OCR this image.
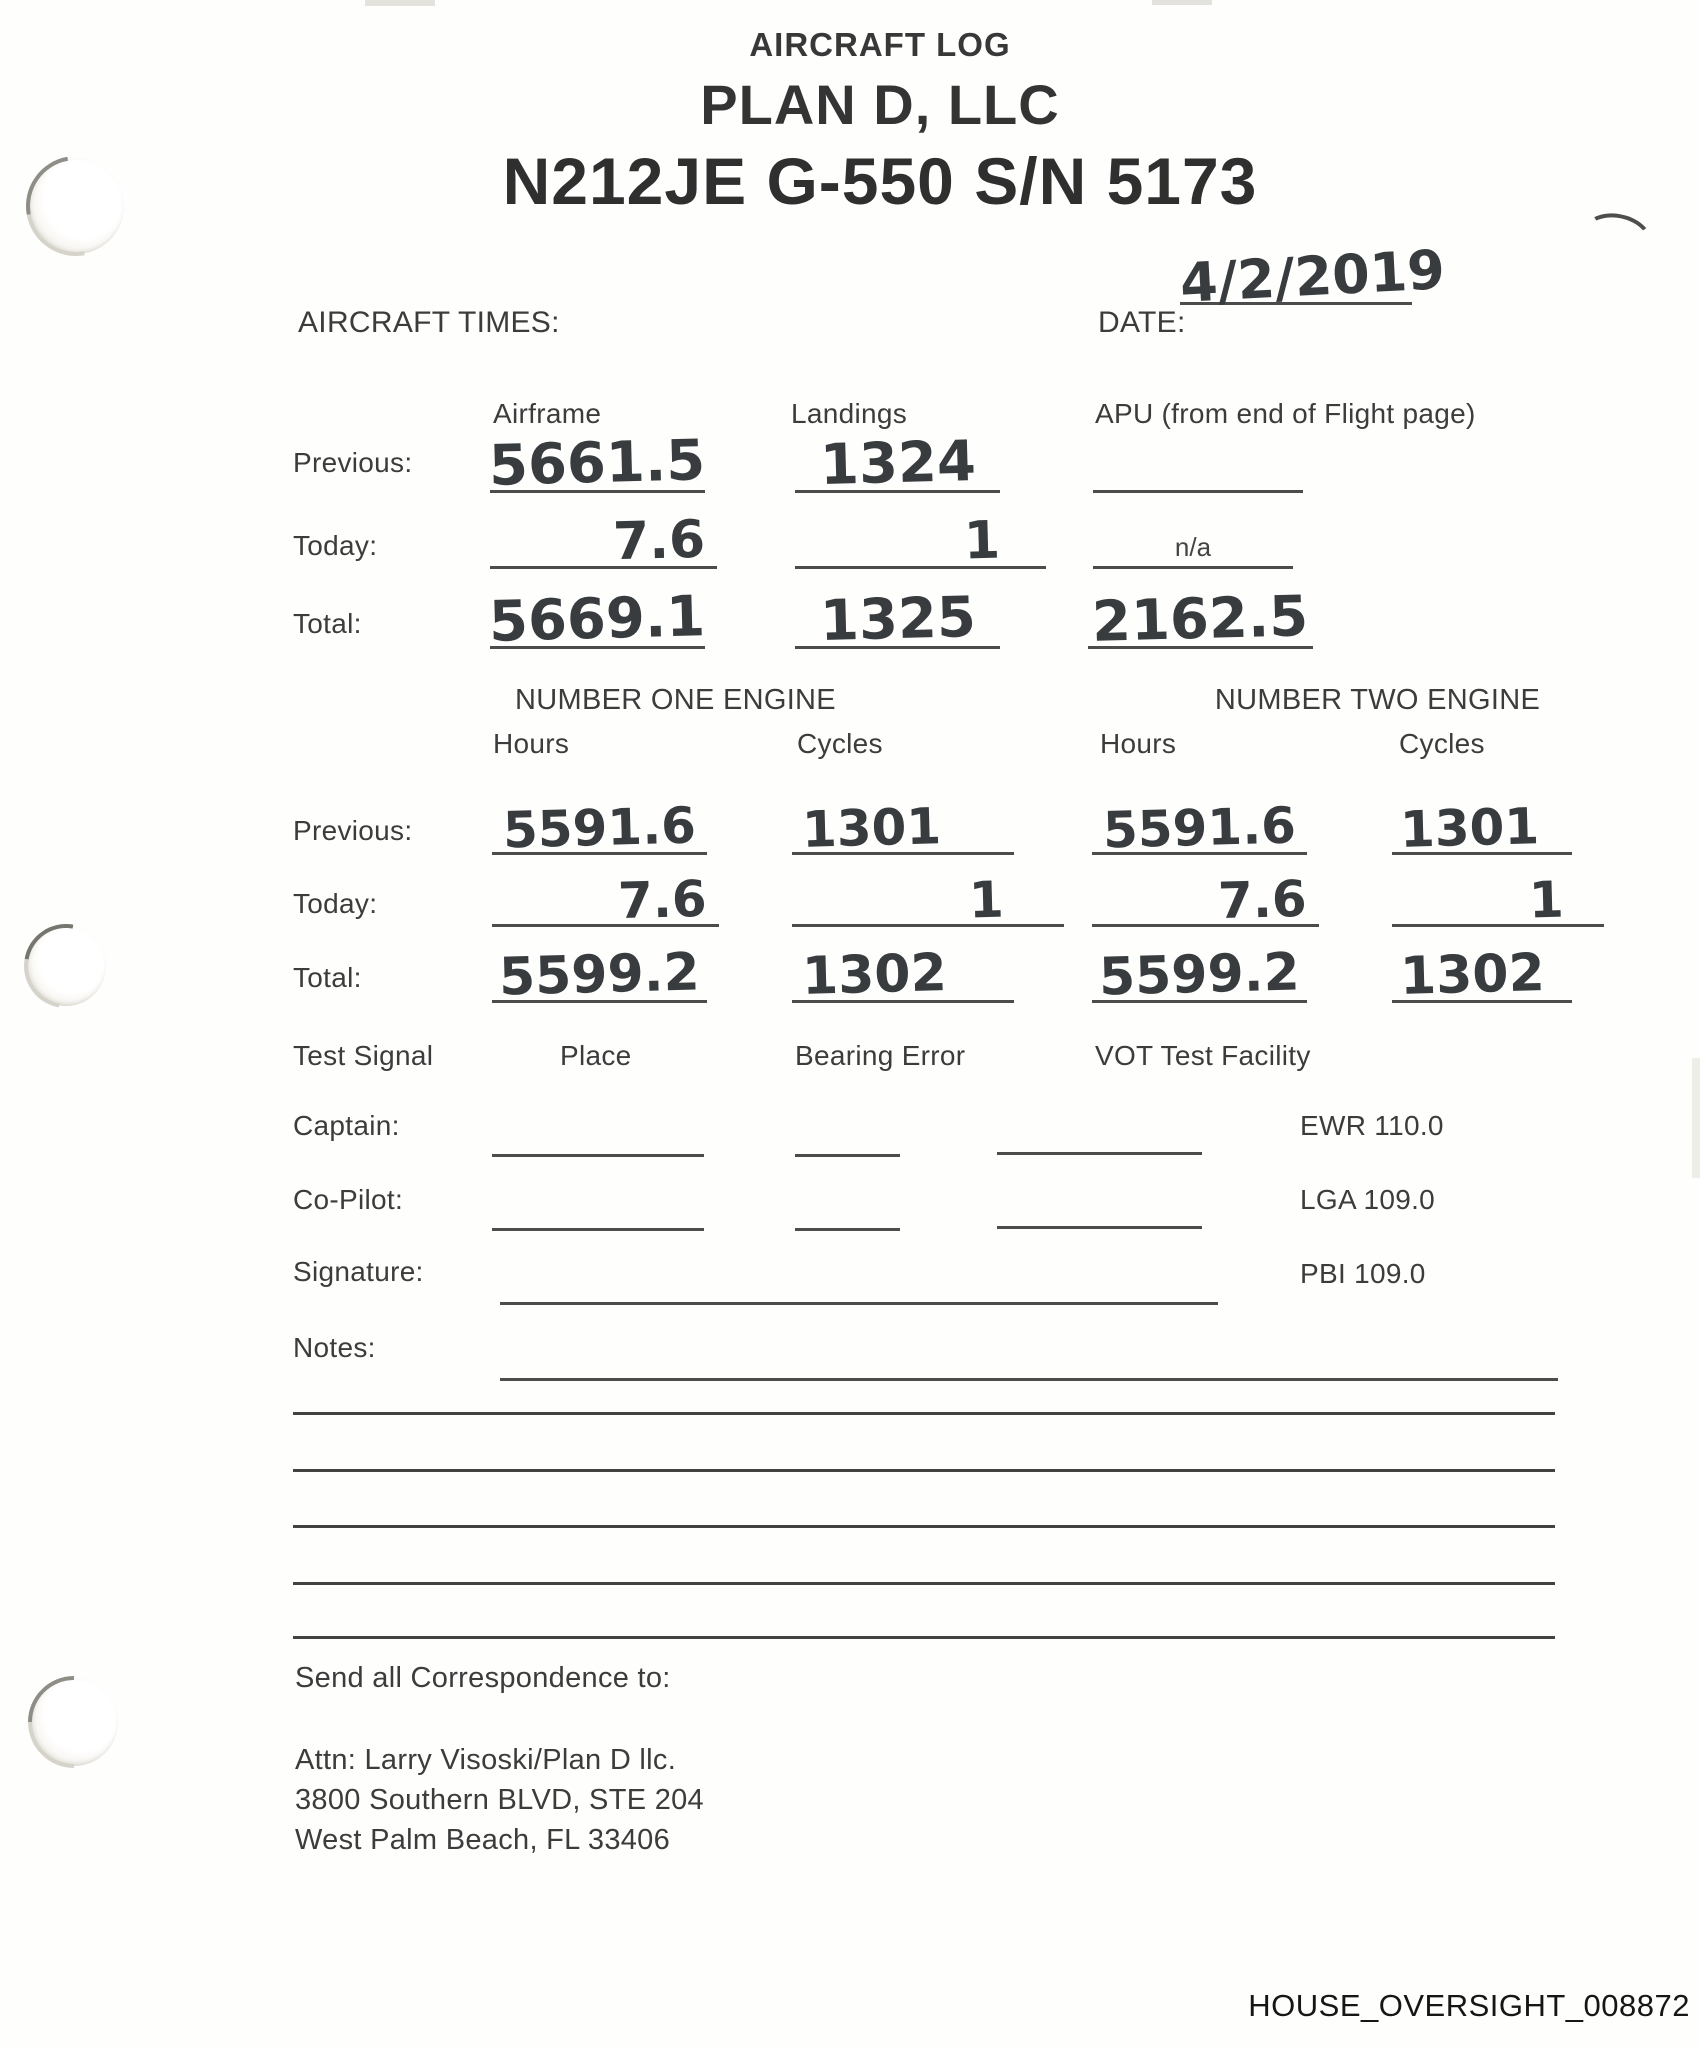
AIRCRAFT LOG
PLAN D, LLC
N212JE G-550 S/N 5173
AIRCRAFT TIMES:	DATE:
4/2/2019
Airframe	Landings	APU (from end of Flight page)
Previous: 5661.5 1324
Today:	7.6	1	n/a
Total: 5669.1 1325 2162.5
NUMBER ONE ENGINE	NUMBER TWO ENGINE
Hours	Cycles	Hours	Cycles
Previous: 5591.6 1301	5591.6 1301
Today:	7.6	1	7.6	1
Total:	5599.2 1302	5599.2 1302
Test Signal	Place	Bearing Error	VOT Test Facility
Captain:	EWR 110.0
Co-Pilot:	LGA 109.0
Signature:	PBI 109.0
Notes:
Send all Correspondence to:
Attn: Larry Visoski/Plan D llc.
3800 Southern BLVD, STE 204
West Palm Beach, FL 33406
HOUSE_OVERSIGHT_008872
